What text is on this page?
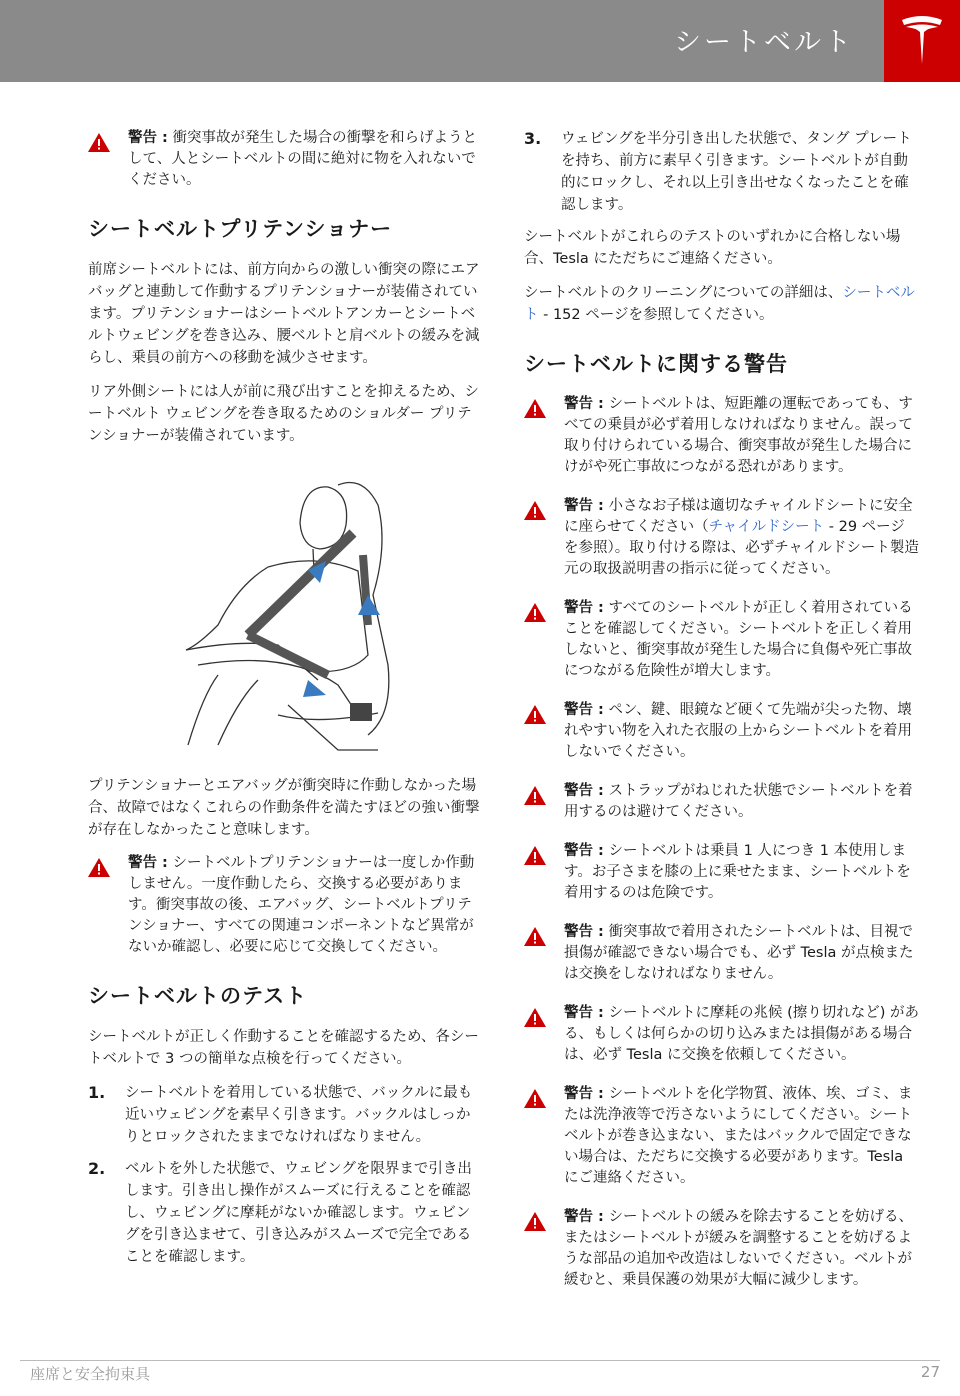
シートベルト
警告 : 衝突事故が発生した場合の衝撃を和らげようとして、人とシートベルトの間に絶対に物を入れないでください。
シートベルトプリテンショナー

前席シートベルトには、前方向からの激しい衝突の際にエアバッグと連動して作動するプリテンショナーが装備されています。プリテンショナーはシートベルトアンカーとシートベルトウェビングを巻き込み、腰ベルトと肩ベルトの緩みを減らし、乗員の前方への移動を減少させます。

リア外側シートには人が前に飛び出すことを抑えるため、シートベルト ウェビングを巻き取るためのショルダー プリテンショナーが装備されています。

プリテンショナーとエアバッグが衝突時に作動しなかった場合、故障ではなくこれらの作動条件を満たすほどの強い衝撃が存在しなかったこと意味します。

警告 : シートベルトプリテンショナーは一度しか作動しません。一度作動したら、交換する必要があります。衝突事故の後、エアバッグ、シートベルトプリテンショナー、すべての関連コンポーネントなど異常がないか確認し、必要に応じて交換してください。
シートベルトのテスト

シートベルトが正しく作動することを確認するため、各シートベルトで 3 つの簡単な点検を行ってください。

1. シートベルトを着用している状態で、バックルに最も近いウェビングを素早く引きます。バックルはしっかりとロックされたままでなければなりません。
2. ベルトを外した状態で、ウェビングを限界まで引き出します。引き出し操作がスムーズに行えることを確認し、ウェビングに摩耗がないか確認します。ウェビングを引き込ませて、引き込みがスムーズで完全であることを確認します。
3. ウェビングを半分引き出した状態で、タング プレートを持ち、前方に素早く引きます。シートベルトが自動的にロックし、それ以上引き出せなくなったことを確認します。

シートベルトがこれらのテストのいずれかに合格しない場合、Tesla にただちにご連絡ください。

シートベルトのクリーニングについての詳細は、シートベルト - 152 ページを参照してください。

シートベルトに関する警告
警告 : シートベルトは、短距離の運転であっても、すべての乗員が必ず着用しなければなりません。誤って取り付けられている場合、衝突事故が発生した場合にけがや死亡事故につながる恐れがあります。
警告 : 小さなお子様は適切なチャイルドシートに安全に座らせてください（チャイルドシート - 29 ページを参照）。取り付ける際は、必ずチャイルドシート製造元の取扱説明書の指示に従ってください。
警告 : すべてのシートベルトが正しく着用されていることを確認してください。シートベルトを正しく着用しないと、衝突事故が発生した場合に負傷や死亡事故につながる危険性が増大します。
警告 : ペン、鍵、眼鏡など硬くて先端が尖った物、壊れやすい物を入れた衣服の上からシートベルトを着用しないでください。
警告 : ストラップがねじれた状態でシートベルトを着用するのは避けてください。
警告 : シートベルトは乗員 1 人につき 1 本使用します。お子さまを膝の上に乗せたまま、シートベルトを着用するのは危険です。
警告 : 衝突事故で着用されたシートベルトは、目視で損傷が確認できない場合でも、必ず Tesla が点検または交換をしなければなりません。
警告 : シートベルトに摩耗の兆候 (擦り切れなど) がある、もしくは何らかの切り込みまたは損傷がある場合は、必ず Tesla に交換を依頼してください。
警告 : シートベルトを化学物質、液体、埃、ゴミ、または洗浄液等で汚さないようにしてください。シートベルトが巻き込まない、またはバックルで固定できない場合は、ただちに交換する必要があります。Tesla にご連絡ください。
警告 : シートベルトの緩みを除去することを妨げる、またはシートベルトが緩みを調整することを妨げるような部品の追加や改造はしないでください。ベルトが緩むと、乗員保護の効果が大幅に減少します。
座席と安全拘束具	27
